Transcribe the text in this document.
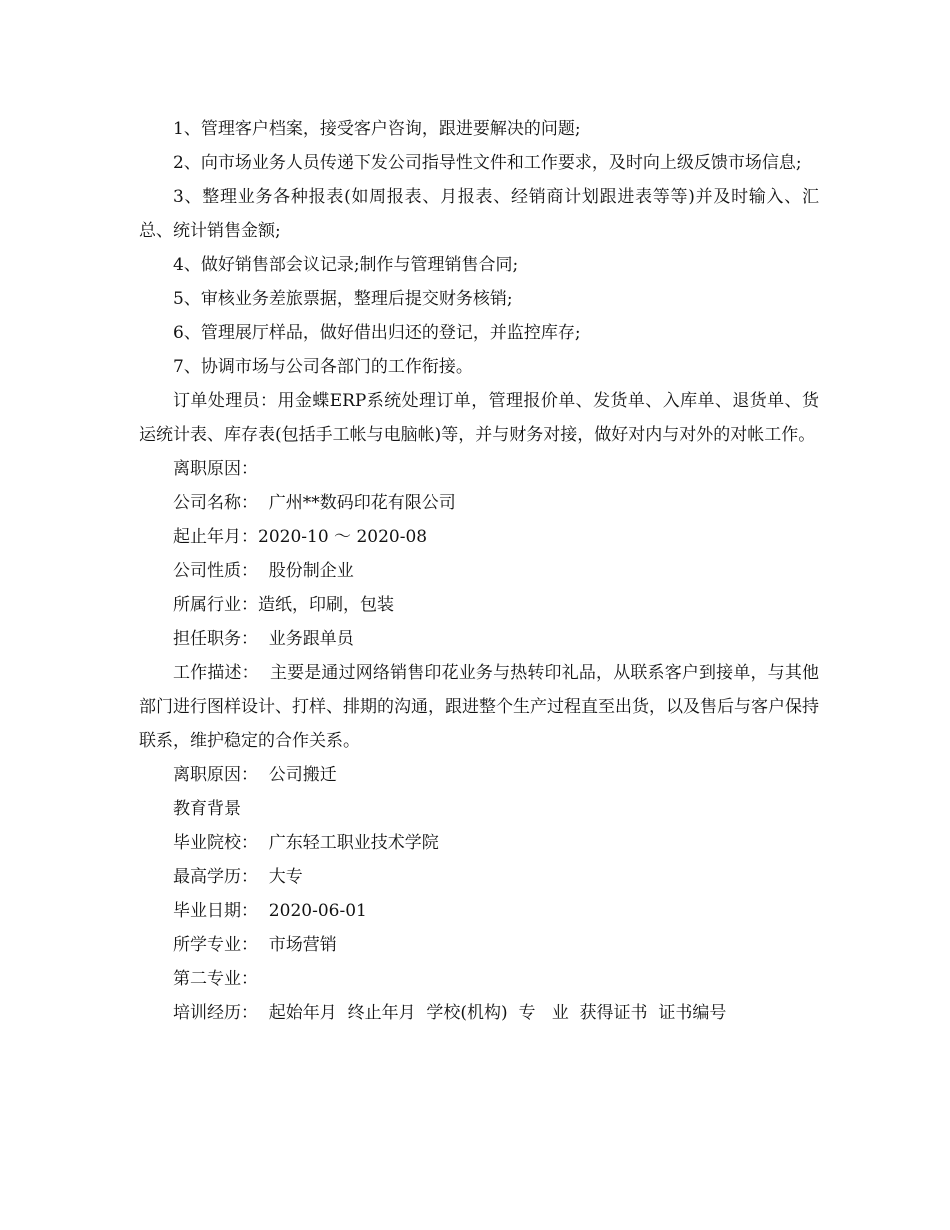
1、管理客户档案，接受客户咨询，跟进要解决的问题;

2、向市场业务人员传递下发公司指导性文件和工作要求，及时向上级反馈市场信息;

3、整理业务各种报表(如周报表、月报表、经销商计划跟进表等等)并及时输入、汇总、统计销售金额;

4、做好销售部会议记录;制作与管理销售合同;

5、审核业务差旅票据，整理后提交财务核销;

6、管理展厅样品，做好借出归还的登记，并监控库存;

7、协调市场与公司各部门的工作衔接。

订单处理员：用金蝶ERP系统处理订单，管理报价单、发货单、入库单、退货单、货运统计表、库存表(包括手工帐与电脑帐)等，并与财务对接，做好对内与对外的对帐工作。

离职原因：

公司名称：  广州**数码印花有限公司

起止年月：2020-10 ～ 2020-08

公司性质：  股份制企业

所属行业：造纸，印刷，包装

担任职务：  业务跟单员

工作描述：  主要是通过网络销售印花业务与热转印礼品，从联系客户到接单，与其他部门进行图样设计、打样、排期的沟通，跟进整个生产过程直至出货，以及售后与客户保持联系，维护稳定的合作关系。

离职原因：  公司搬迁

教育背景

毕业院校：  广东轻工职业技术学院

最高学历：  大专

毕业日期：  2020-06-01

所学专业：  市场营销

第二专业：

培训经历：  起始年月  终止年月  学校(机构)  专   业  获得证书  证书编号
